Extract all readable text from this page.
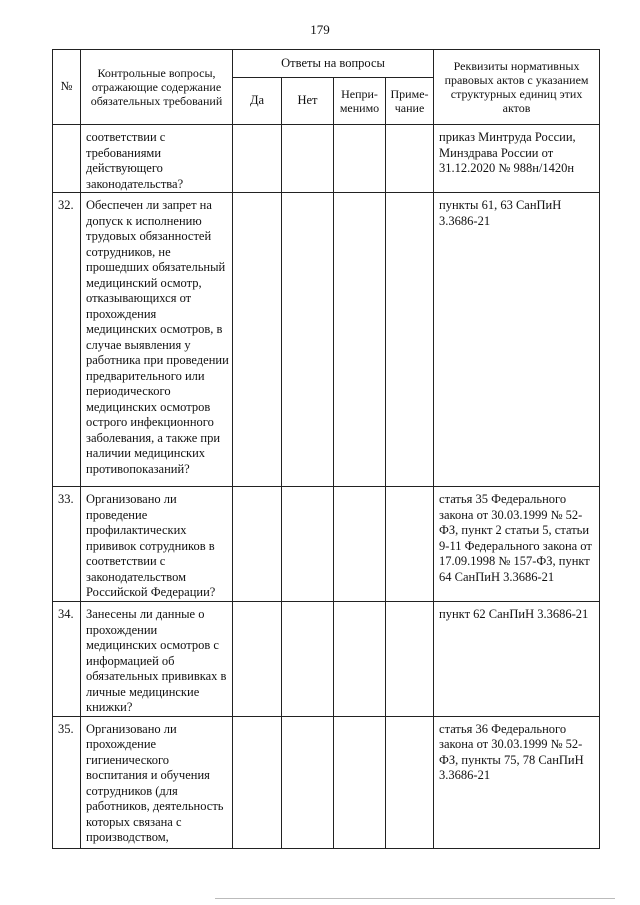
179
№	Контрольные вопросы, отражающие содержание обязательных требований	Ответы на вопросы				Реквизиты нормативных правовых актов с указанием структурных единиц этих актов
		Да	Нет	Непри-менимо	Приме-чание	
	соответствии с требованиями действующего законодательства?					приказ Минтруда России, Минздрава России от 31.12.2020 № 988н/1420н
32.	Обеспечен ли запрет на допуск к исполнению трудовых обязанностей сотрудников, не прошедших обязательный медицинский осмотр, отказывающихся от прохождения медицинских осмотров, в случае выявления у работника при проведении предварительного или периодического медицинских осмотров острого инфекционного заболевания, а также при наличии медицинских противопоказаний?					пункты 61, 63 СанПиН 3.3686-21
33.	Организовано ли проведение профилактических прививок сотрудников в соответствии с законодательством Российской Федерации?					статья 35 Федерального закона от 30.03.1999 № 52-ФЗ, пункт 2 статьи 5, статьи 9-11 Федерального закона от 17.09.1998 № 157-ФЗ, пункт 64 СанПиН 3.3686-21
34.	Занесены ли данные о прохождении медицинских осмотров с информацией об обязательных прививках в личные медицинские книжки?					пункт 62 СанПиН 3.3686-21
35.	Организовано ли прохождение гигиенического воспитания и обучения сотрудников (для работников, деятельность которых связана с производством,					статья 36 Федерального закона от 30.03.1999 № 52-ФЗ, пункты 75, 78 СанПиН 3.3686-21
